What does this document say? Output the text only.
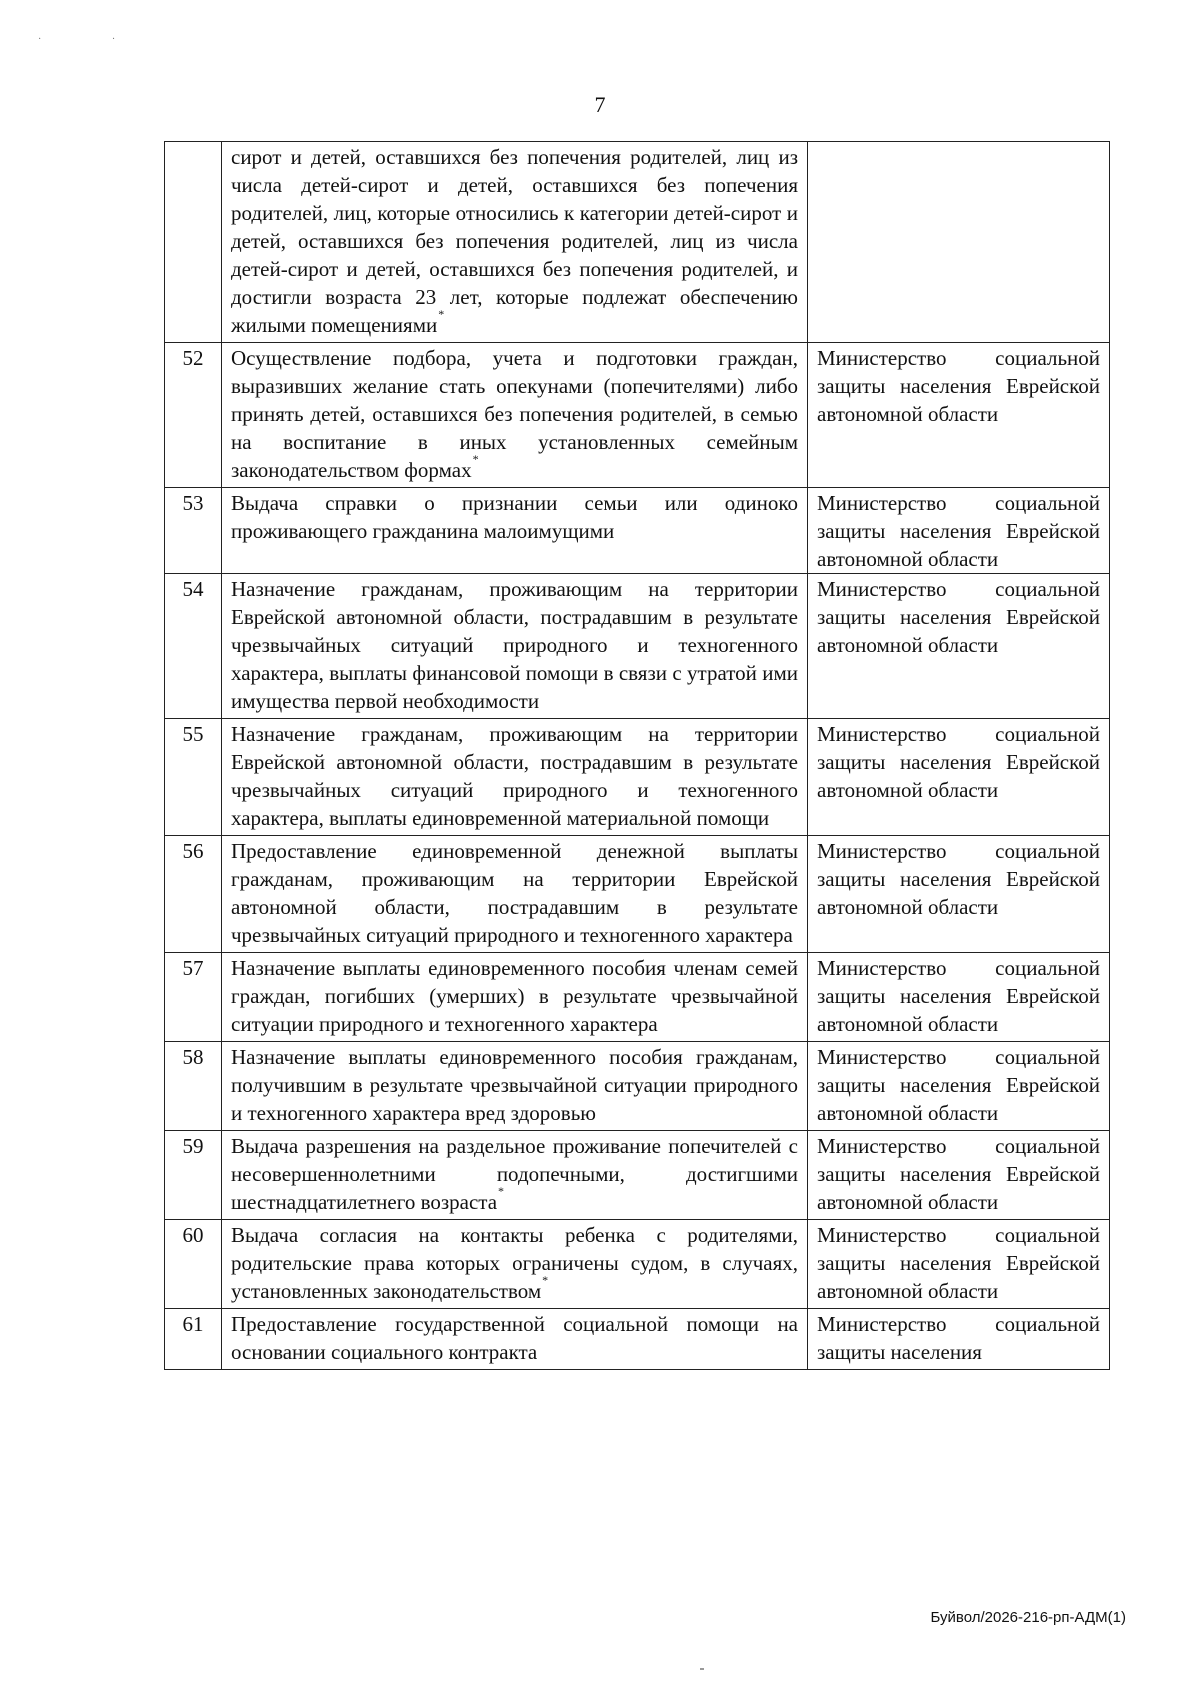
· ·
7
	сирот и детей, оставшихся без попечения родителей, лиц из числа детей-сирот и детей, оставшихся без попечения родителей, лиц, которые относились к категории детей-сирот и детей, оставшихся без попечения родителей, лиц из числа детей-сирот и детей, оставшихся без попечения родителей, и достигли возраста 23 лет, которые подлежат обеспечению жилыми помещениями*	
52	Осуществление подбора, учета и подготовки граждан, выразивших желание стать опекунами (попечителями) либо принять детей, оставшихся без попечения родителей, в семью на воспитание в иных установленных семейным законодательством формах*	Министерство социальной защиты населения Еврейской автономной области
53	Выдача справки о признании семьи или одиноко проживающего гражданина малоимущими	Министерство социальной защиты населения Еврейской автономной области
54	Назначение гражданам, проживающим на территории Еврейской автономной области, пострадавшим в результате чрезвычайных ситуаций природного и техногенного характера, выплаты финансовой помощи в связи с утратой ими имущества первой необходимости	Министерство социальной защиты населения Еврейской автономной области
55	Назначение гражданам, проживающим на территории Еврейской автономной области, пострадавшим в результате чрезвычайных ситуаций природного и техногенного характера, выплаты единовременной материальной помощи	Министерство социальной защиты населения Еврейской автономной области
56	Предоставление единовременной денежной выплаты гражданам, проживающим на территории Еврейской автономной области, пострадавшим в результате чрезвычайных ситуаций природного и техногенного характера	Министерство социальной защиты населения Еврейской автономной области
57	Назначение выплаты единовременного пособия членам семей граждан, погибших (умерших) в результате чрезвычайной ситуации природного и техногенного характера	Министерство социальной защиты населения Еврейской автономной области
58	Назначение выплаты единовременного пособия гражданам, получившим в результате чрезвычайной ситуации природного и техногенного характера вред здоровью	Министерство социальной защиты населения Еврейской автономной области
59	Выдача разрешения на раздельное проживание попечителей с несовершеннолетними подопечными, достигшими шестнадцатилетнего возраста*	Министерство социальной защиты населения Еврейской автономной области
60	Выдача согласия на контакты ребенка с родителями, родительские права которых ограничены судом, в случаях, установленных законодательством*	Министерство социальной защиты населения Еврейской автономной области
61	Предоставление государственной социальной помощи на основании социального контракта	Министерство социальной защиты населения
Буйвол/2026-216-рп-АДМ(1)
